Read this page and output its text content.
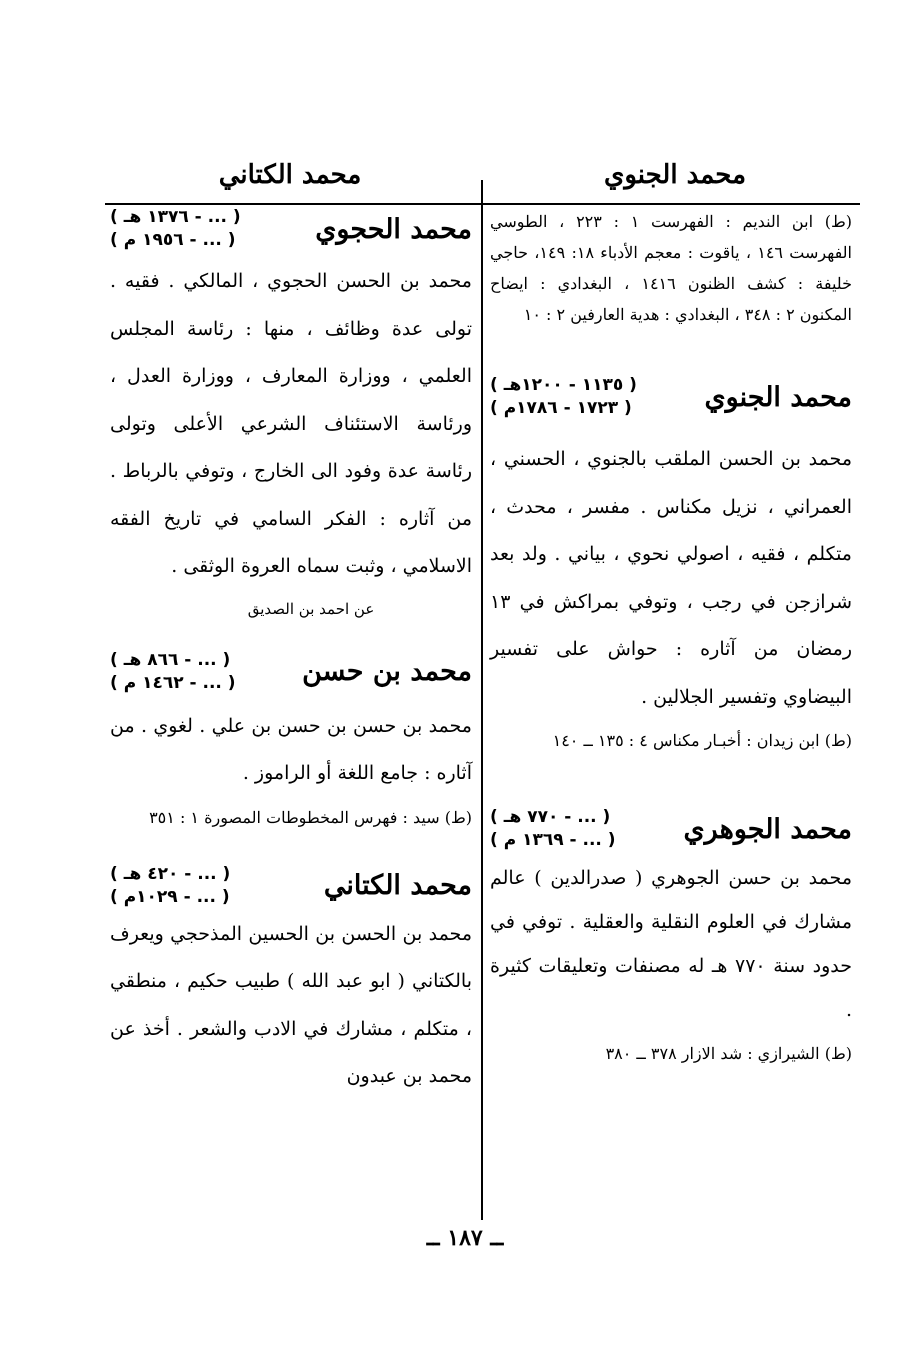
محمد الجنوي
محمد الكتاني

(ط) ابن النديم : الفهرست ١ : ٢٢٣ ، الطوسي الفهرست ١٤٦ ، ياقوت : معجم الأدباء ١٨: ١٤٩، حاجي خليفة : كشف الظنون ١٤١٦ ، البغدادي : ايضاح المكنون ٢ : ٣٤٨ ، البغدادي : هدية العارفين ٢ : ١٠

محمد الجنوي
( ١١٣٥ - ١٢٠٠هـ )
( ١٧٢٣ - ١٧٨٦م )

محمد بن الحسن الملقب بالجنوي ، الحسني ، العمراني ، نزيل مكناس . مفسر ، محدث ، متكلم ، فقيه ، اصولي نحوي ، بياني . ولد بعد شرازجن في رجب ، وتوفي بمراكش في ١٣ رمضان من آثاره : حواش على تفسير البيضاوي وتفسير الجلالين .

(ط) ابن زيدان : أخبـار مكناس ٤ : ١٣٥ ــ ١٤٠

محمد الجوهري
( ... - ٧٧٠ هـ )
( ... - ١٣٦٩ م )

محمد بن حسن الجوهري ( صدرالدين ) عالم مشارك في العلوم النقلية والعقلية . توفي في حدود سنة ٧٧٠ هـ له مصنفات وتعليقات كثيرة .

(ط) الشيرازي : شد الازار ٣٧٨ ــ ٣٨٠

محمد الحجوي
( ... - ١٣٧٦ هـ )
( ... - ١٩٥٦ م )

محمد بن الحسن الحجوي ، المالكي . فقيه . تولى عدة وظائف ، منها : رئاسة المجلس العلمي ، ووزارة المعارف ، ووزارة العدل ، ورئاسة الاستئناف الشرعي الأعلى وتولى رئاسة عدة وفود الى الخارج ، وتوفي بالرباط . من آثاره : الفكر السامي في تاريخ الفقه الاسلامي ، وثبت سماه العروة الوثقى .

عن احمد بن الصديق

محمد بن حسن
( ... - ٨٦٦ هـ )
( ... - ١٤٦٢ م )

محمد بن حسن بن حسن بن علي . لغوي . من آثاره : جامع اللغة أو الراموز .

(ط) سيد : فهرس المخطوطات المصورة ١ : ٣٥١

محمد الكتاني
( ... - ٤٢٠ هـ )
( ... - ١٠٢٩م )

محمد بن الحسن بن الحسين المذحجي ويعرف بالكتاني ( ابو عبد الله ) طبيب حكيم ، منطقي ، متكلم ، مشارك في الادب والشعر . أخذ عن محمد بن عبدون

ــ ١٨٧ ــ
